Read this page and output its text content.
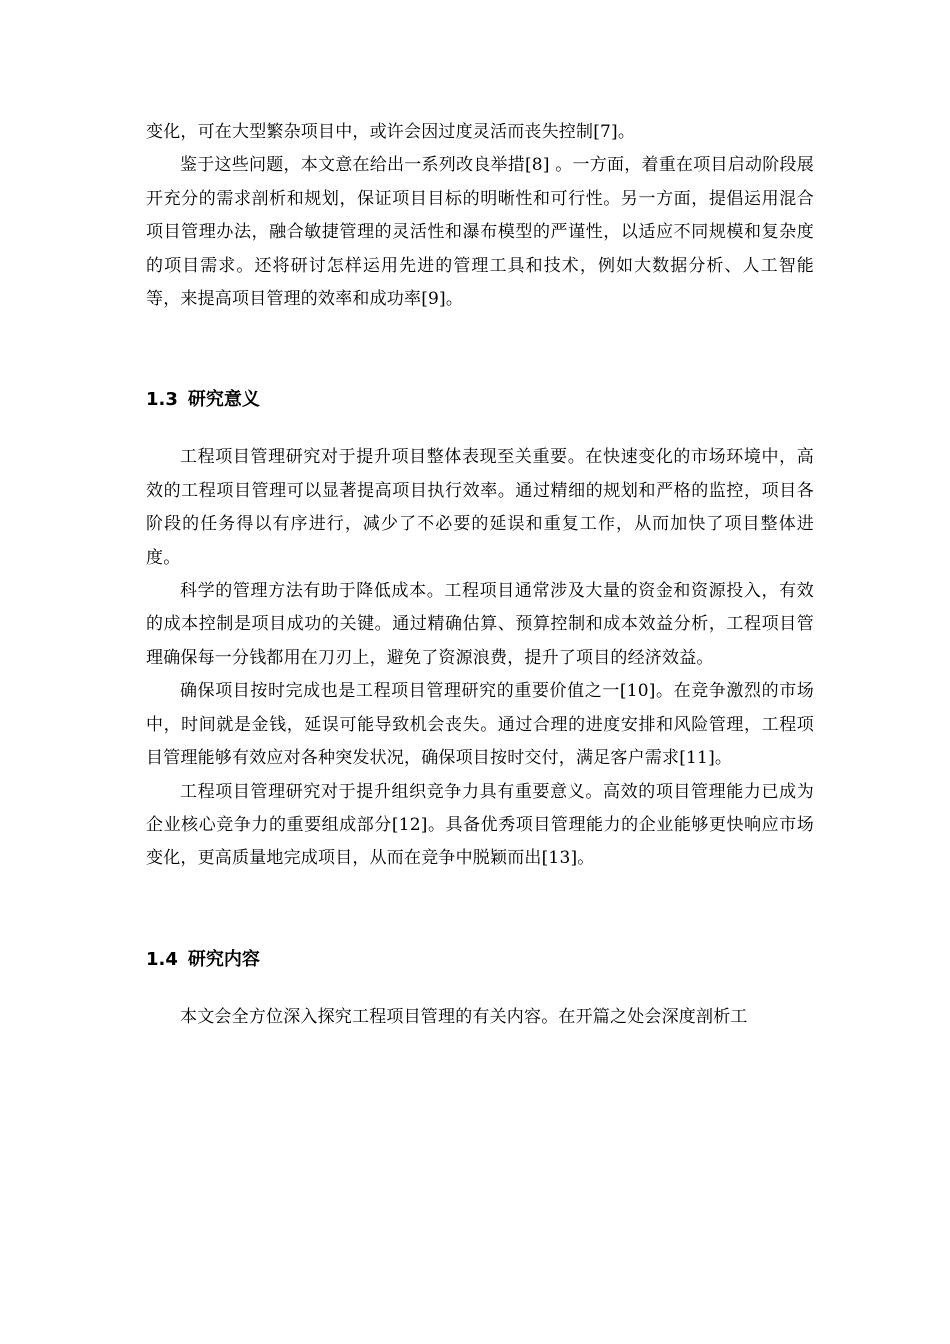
变化，可在大型繁杂项目中，或许会因过度灵活而丧失控制[7]。

鉴于这些问题，本文意在给出一系列改良举措[8] 。一方面，着重在项目启动阶段展开充分的需求剖析和规划，保证项目目标的明晰性和可行性。另一方面，提倡运用混合项目管理办法，融合敏捷管理的灵活性和瀑布模型的严谨性，以适应不同规模和复杂度的项目需求。还将研讨怎样运用先进的管理工具和技术，例如大数据分析、人工智能等，来提高项目管理的效率和成功率[9]。

1.3 研究意义

工程项目管理研究对于提升项目整体表现至关重要。在快速变化的市场环境中，高效的工程项目管理可以显著提高项目执行效率。通过精细的规划和严格的监控，项目各阶段的任务得以有序进行，减少了不必要的延误和重复工作，从而加快了项目整体进度。

科学的管理方法有助于降低成本。工程项目通常涉及大量的资金和资源投入，有效的成本控制是项目成功的关键。通过精确估算、预算控制和成本效益分析，工程项目管理确保每一分钱都用在刀刃上，避免了资源浪费，提升了项目的经济效益。

确保项目按时完成也是工程项目管理研究的重要价值之一[10]。在竞争激烈的市场中，时间就是金钱，延误可能导致机会丧失。通过合理的进度安排和风险管理，工程项目管理能够有效应对各种突发状况，确保项目按时交付，满足客户需求[11]。

工程项目管理研究对于提升组织竞争力具有重要意义。高效的项目管理能力已成为企业核心竞争力的重要组成部分[12]。具备优秀项目管理能力的企业能够更快响应市场变化，更高质量地完成项目，从而在竞争中脱颖而出[13]。

1.4 研究内容

本文会全方位深入探究工程项目管理的有关内容。在开篇之处会深度剖析工
